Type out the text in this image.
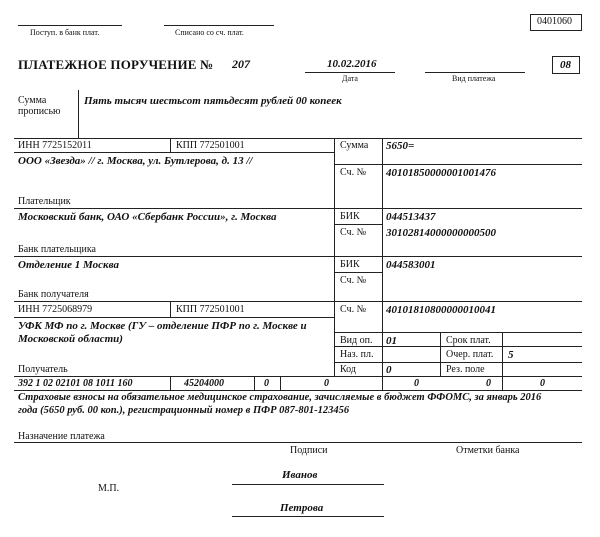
0401060
Поступ. в банк плат.	Списано со сч. плат.
ПЛАТЕЖНОЕ ПОРУЧЕНИЕ № 207	10.02.2016
Дата	Вид платежа
08
Сумма
прописью
Пять тысяч шестьсот пятьдесят рублей 00 копеек
ИНН 7725152011	КПП 772501001	Сумма 5650=
ООО «Звезда» // г. Москва, ул. Бутлерова, д. 13 //
Сч. № 40101850000001001476
Плательщик
Московский банк, ОАО «Сбербанк России», г. Москва	БИК 044513437
Сч. № 30102814000000000500
Банк плательщика
Отделение 1 Москва	БИК 044583001
Сч. №
Банк получателя
ИНН 7725068979	КПП 772501001	Сч. № 40101810800000010041
УФК МФ по г. Москве (ГУ – отделение ПФР по г. Москве и
Московской области)
Получатель
Вид оп. 01	Срок плат.
Наз. пл.	Очер. плат. 5
Код	0	Рез. поле
392 1 02 02101 08 1011 160	45204000	0	0	0	0	0
Страховые взносы на обязательное медицинское страхование, зачисляемые в бюджет ФФОМС, за январь 2016
года (5650 руб. 00 коп.), регистрационный номер в ПФР 087-801-123456
Назначение платежа
Подписи	Отметки банка
М.П.
Иванов
Петрова
